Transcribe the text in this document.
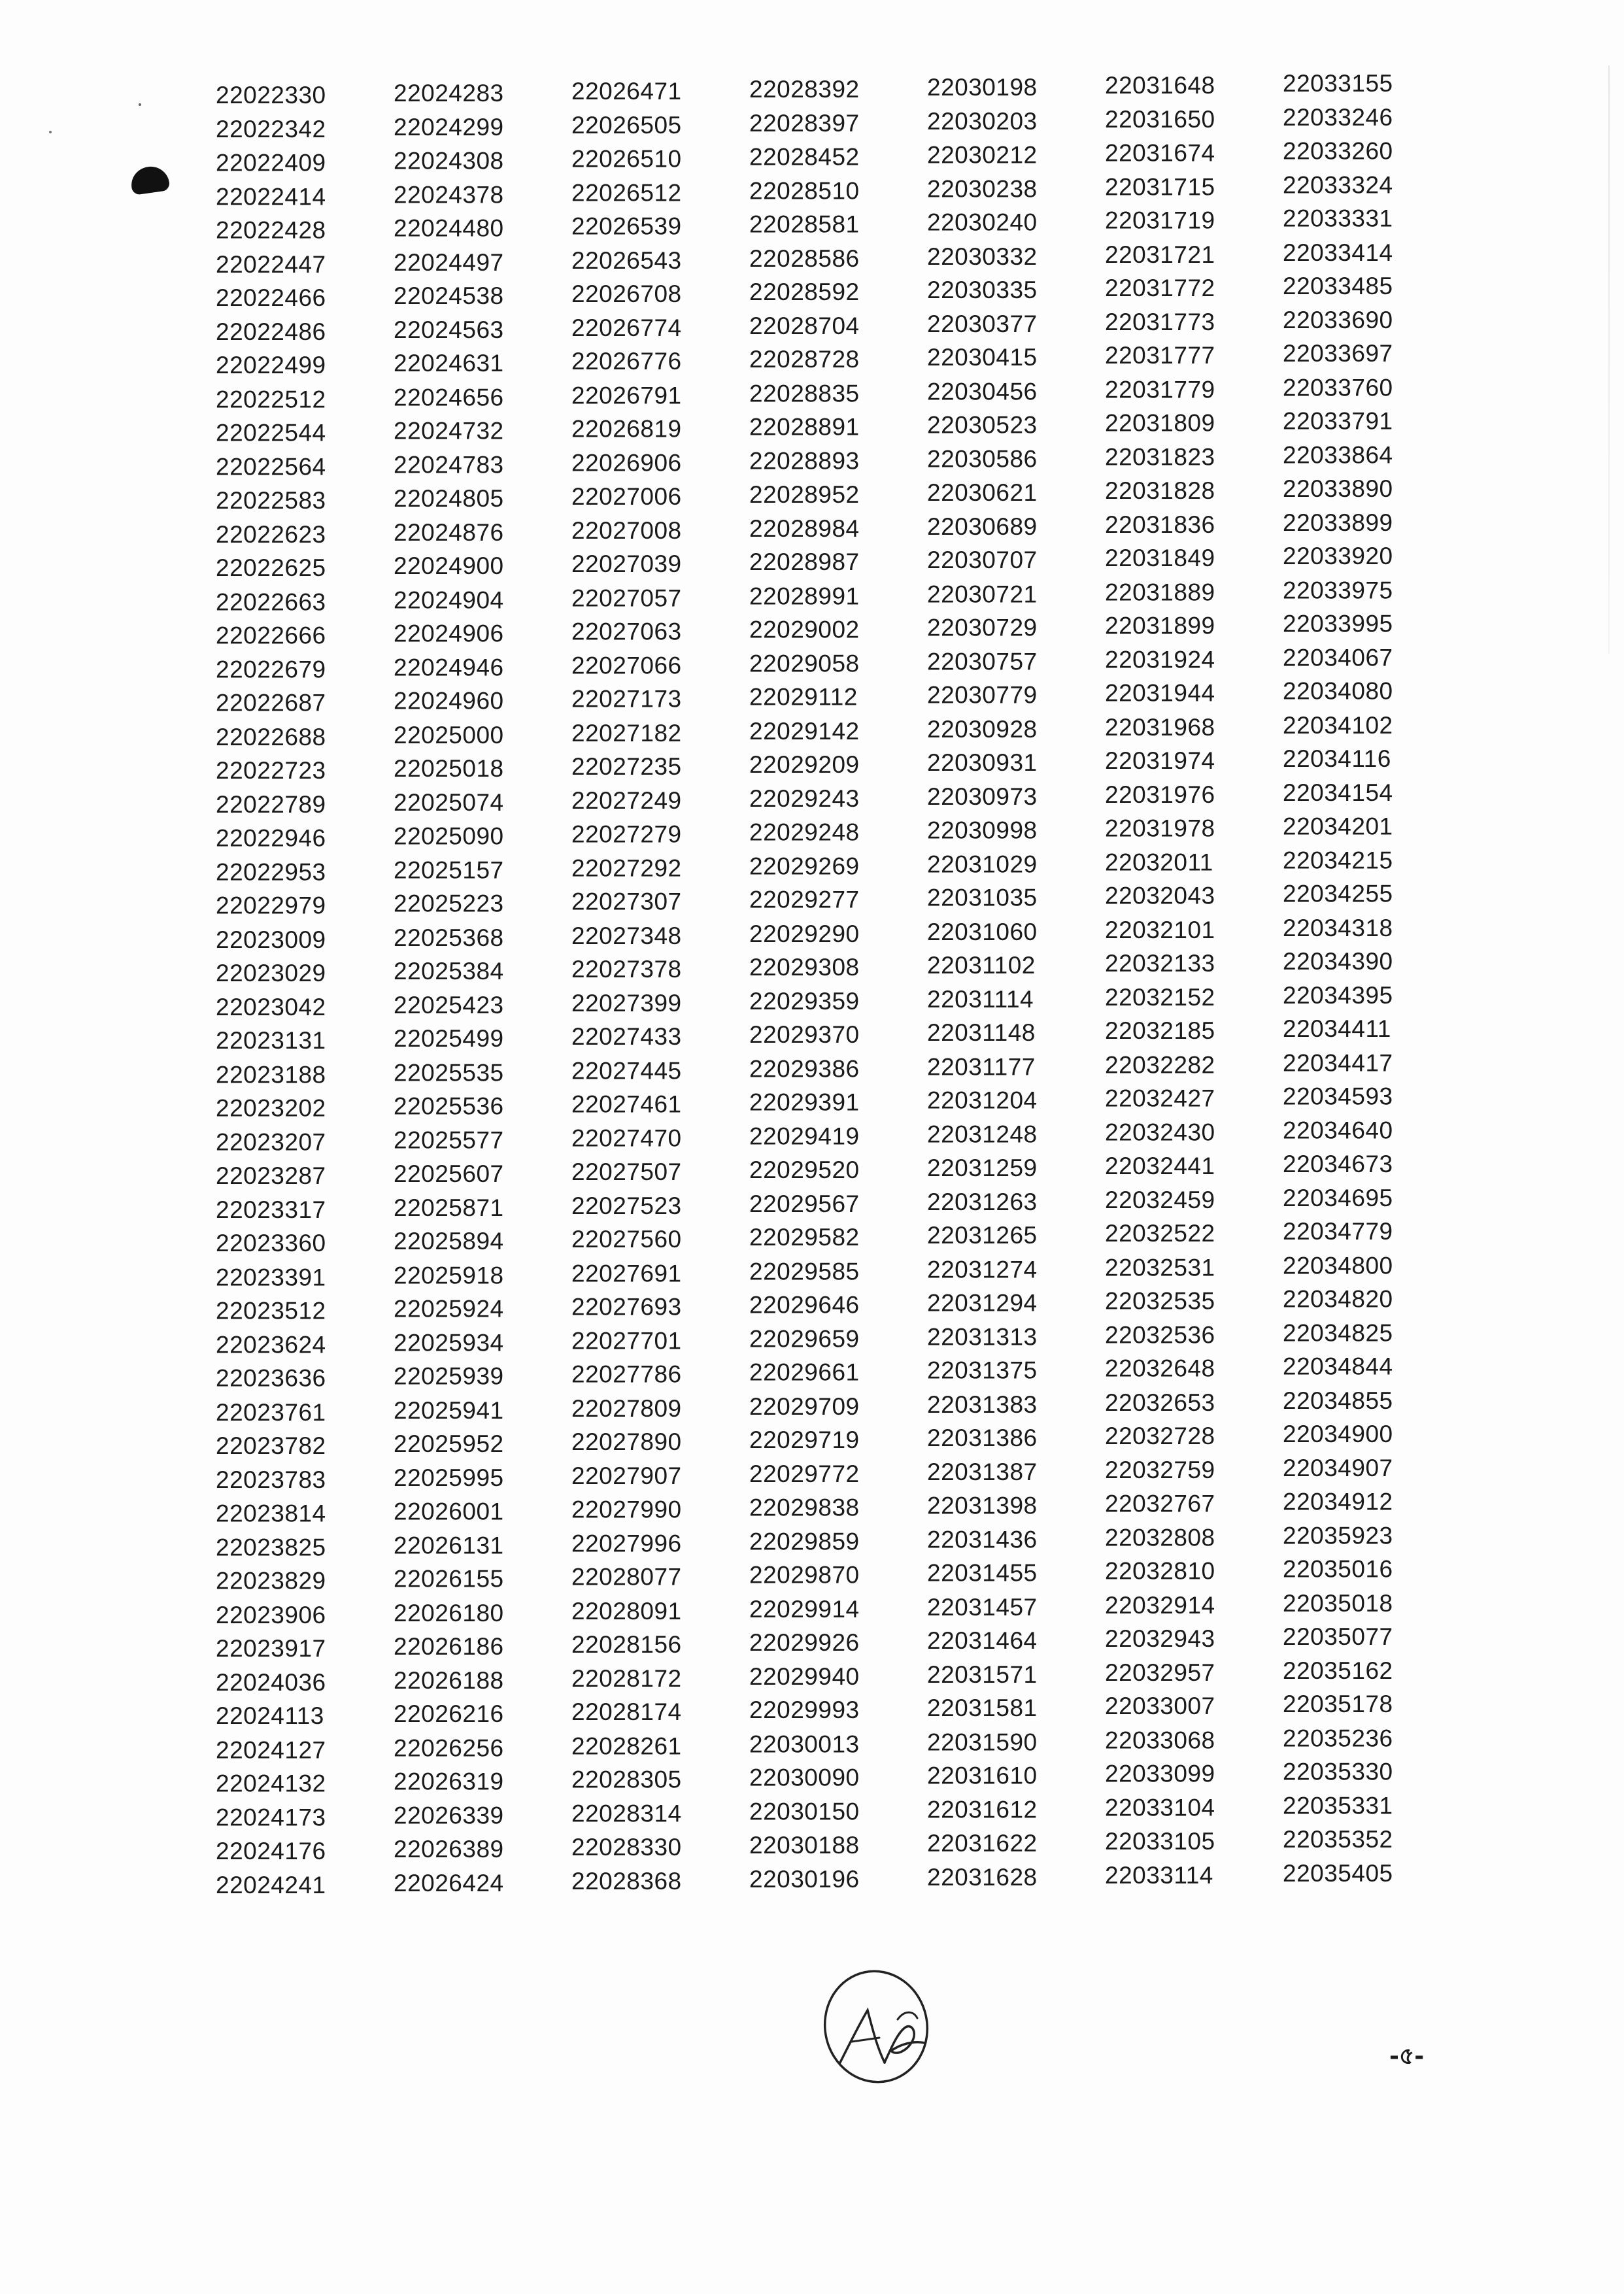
22022330
22022342
22022409
22022414
22022428
22022447
22022466
22022486
22022499
22022512
22022544
22022564
22022583
22022623
22022625
22022663
22022666
22022679
22022687
22022688
22022723
22022789
22022946
22022953
22022979
22023009
22023029
22023042
22023131
22023188
22023202
22023207
22023287
22023317
22023360
22023391
22023512
22023624
22023636
22023761
22023782
22023783
22023814
22023825
22023829
22023906
22023917
22024036
22024113
22024127
22024132
22024173
22024176
22024241
22024283
22024299
22024308
22024378
22024480
22024497
22024538
22024563
22024631
22024656
22024732
22024783
22024805
22024876
22024900
22024904
22024906
22024946
22024960
22025000
22025018
22025074
22025090
22025157
22025223
22025368
22025384
22025423
22025499
22025535
22025536
22025577
22025607
22025871
22025894
22025918
22025924
22025934
22025939
22025941
22025952
22025995
22026001
22026131
22026155
22026180
22026186
22026188
22026216
22026256
22026319
22026339
22026389
22026424
22026471
22026505
22026510
22026512
22026539
22026543
22026708
22026774
22026776
22026791
22026819
22026906
22027006
22027008
22027039
22027057
22027063
22027066
22027173
22027182
22027235
22027249
22027279
22027292
22027307
22027348
22027378
22027399
22027433
22027445
22027461
22027470
22027507
22027523
22027560
22027691
22027693
22027701
22027786
22027809
22027890
22027907
22027990
22027996
22028077
22028091
22028156
22028172
22028174
22028261
22028305
22028314
22028330
22028368
22028392
22028397
22028452
22028510
22028581
22028586
22028592
22028704
22028728
22028835
22028891
22028893
22028952
22028984
22028987
22028991
22029002
22029058
22029112
22029142
22029209
22029243
22029248
22029269
22029277
22029290
22029308
22029359
22029370
22029386
22029391
22029419
22029520
22029567
22029582
22029585
22029646
22029659
22029661
22029709
22029719
22029772
22029838
22029859
22029870
22029914
22029926
22029940
22029993
22030013
22030090
22030150
22030188
22030196
22030198
22030203
22030212
22030238
22030240
22030332
22030335
22030377
22030415
22030456
22030523
22030586
22030621
22030689
22030707
22030721
22030729
22030757
22030779
22030928
22030931
22030973
22030998
22031029
22031035
22031060
22031102
22031114
22031148
22031177
22031204
22031248
22031259
22031263
22031265
22031274
22031294
22031313
22031375
22031383
22031386
22031387
22031398
22031436
22031455
22031457
22031464
22031571
22031581
22031590
22031610
22031612
22031622
22031628
22031648
22031650
22031674
22031715
22031719
22031721
22031772
22031773
22031777
22031779
22031809
22031823
22031828
22031836
22031849
22031889
22031899
22031924
22031944
22031968
22031974
22031976
22031978
22032011
22032043
22032101
22032133
22032152
22032185
22032282
22032427
22032430
22032441
22032459
22032522
22032531
22032535
22032536
22032648
22032653
22032728
22032759
22032767
22032808
22032810
22032914
22032943
22032957
22033007
22033068
22033099
22033104
22033105
22033114
22033155
22033246
22033260
22033324
22033331
22033414
22033485
22033690
22033697
22033760
22033791
22033864
22033890
22033899
22033920
22033975
22033995
22034067
22034080
22034102
22034116
22034154
22034201
22034215
22034255
22034318
22034390
22034395
22034411
22034417
22034593
22034640
22034673
22034695
22034779
22034800
22034820
22034825
22034844
22034855
22034900
22034907
22034912
22035923
22035016
22035018
22035077
22035162
22035178
22035236
22035330
22035331
22035352
22035405
-৫-
